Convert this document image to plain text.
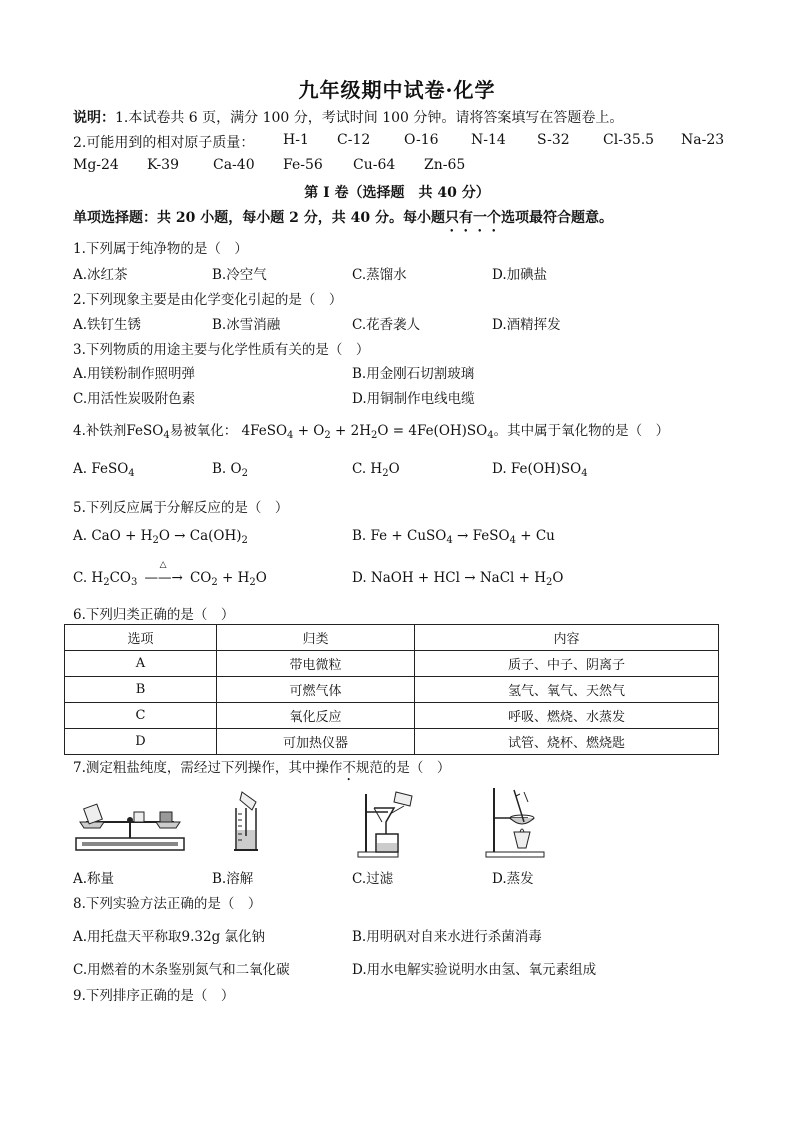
九年级期中试卷·化学
说明：1.本试卷共 6 页，满分 100 分，考试时间 100 分钟。请将答案填写在答题卷上。
2.可能用到的相对原子质量： H-1 C-12 O-16 N-14 S-32 Cl-35.5 Na-23
Mg-24 K-39 Ca-40 Fe-56 Cu-64 Zn-65
第 I 卷（选择题　共 40 分）
单项选择题：共 20 小题，每小题 2 分，共 40 分。每小题只有一个选项最符合题意。
1.下列属于纯净物的是（　）
A.冰红茶	B.冷空气	C.蒸馏水	D.加碘盐
2.下列现象主要是由化学变化引起的是（　）
A.铁钉生锈	B.冰雪消融	C.花香袭人	D.酒精挥发
3.下列物质的用途主要与化学性质有关的是（　）
A.用镁粉制作照明弹	B.用金刚石切割玻璃
C.用活性炭吸附色素	D.用铜制作电线电缆
4.补铁剂FeSO$_4$易被氧化： 4FeSO$_4$ + $O_2 + 2H_2O = 4Fe(OH)SO_4$。其中属于氧化物的是（　）
A. FeSO$_4$	B. $O_2$	C. $H_2O$	D. $Fe(OH)SO_4$
5.下列反应属于分解反应的是（　）
A. CaO + $H_2O \to Ca(OH)_2$	B. Fe + CuSO$_4$ → FeSO$_4$ + Cu
C. $H_2CO_3$
△
——→ $CO_2 + H_2O$	D. NaOH + HCl → NaCl + $H_2O$
6.下列归类正确的是（　）
选项	归类	内容
A	带电微粒	质子、中子、阴离子
B	可燃气体	氢气、氧气、天然气
C	氧化反应	呼吸、燃烧、水蒸发
D	可加热仪器	试管、烧杯、燃烧匙
7.测定粗盐纯度，需经过下列操作，其中操作不规范的是（　）
A.称量	B.溶解	C.过滤	D.蒸发
8.下列实验方法正确的是（　）
A.用托盘天平称取9.32g 氯化钠	B.用明矾对自来水进行杀菌消毒
C.用燃着的木条鉴别氮气和二氧化碳	D.用水电解实验说明水由氢、氧元素组成
9.下列排序正确的是（　）
